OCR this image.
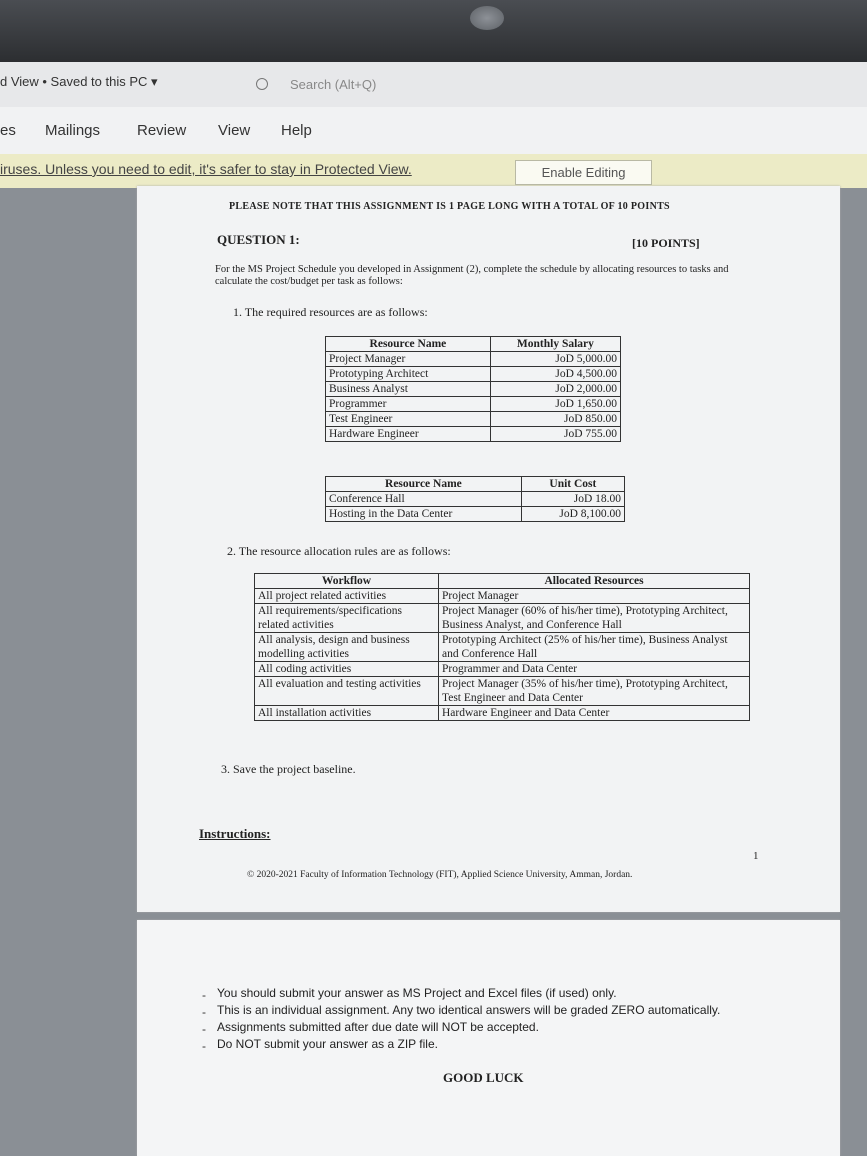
d View • Saved to this PC ▾	Search (Alt+Q)
es Mailings Review View Help
iruses. Unless you need to edit, it's safer to stay in Protected View.	Enable Editing
PLEASE NOTE THAT THIS ASSIGNMENT IS 1 PAGE LONG WITH A TOTAL OF 10 POINTS
QUESTION 1:	[10 POINTS]
For the MS Project Schedule you developed in Assignment (2), complete the schedule by allocating resources to tasks and calculate the cost/budget per task as follows:
1. The required resources are as follows:
Resource Name	Monthly Salary
Project Manager	JoD 5,000.00
Prototyping Architect	JoD 4,500.00
Business Analyst	JoD 2,000.00
Programmer	JoD 1,650.00
Test Engineer	JoD 850.00
Hardware Engineer	JoD 755.00
Resource Name	Unit Cost
Conference Hall	JoD 18.00
Hosting in the Data Center	JoD 8,100.00
2. The resource allocation rules are as follows:
Workflow	Allocated Resources
All project related activities	Project Manager
All requirements/specifications related activities	Project Manager (60% of his/her time), Prototyping Architect, Business Analyst, and Conference Hall
All analysis, design and business modelling activities	Prototyping Architect (25% of his/her time), Business Analyst and Conference Hall
All coding activities	Programmer and Data Center
All evaluation and testing activities	Project Manager (35% of his/her time), Prototyping Architect, Test Engineer and Data Center
All installation activities	Hardware Engineer and Data Center
3. Save the project baseline.
Instructions:
1
© 2020-2021 Faculty of Information Technology (FIT), Applied Science University, Amman, Jordan.
- You should submit your answer as MS Project and Excel files (if used) only.
- This is an individual assignment. Any two identical answers will be graded ZERO automatically.
- Assignments submitted after due date will NOT be accepted.
- Do NOT submit your answer as a ZIP file.
GOOD LUCK
